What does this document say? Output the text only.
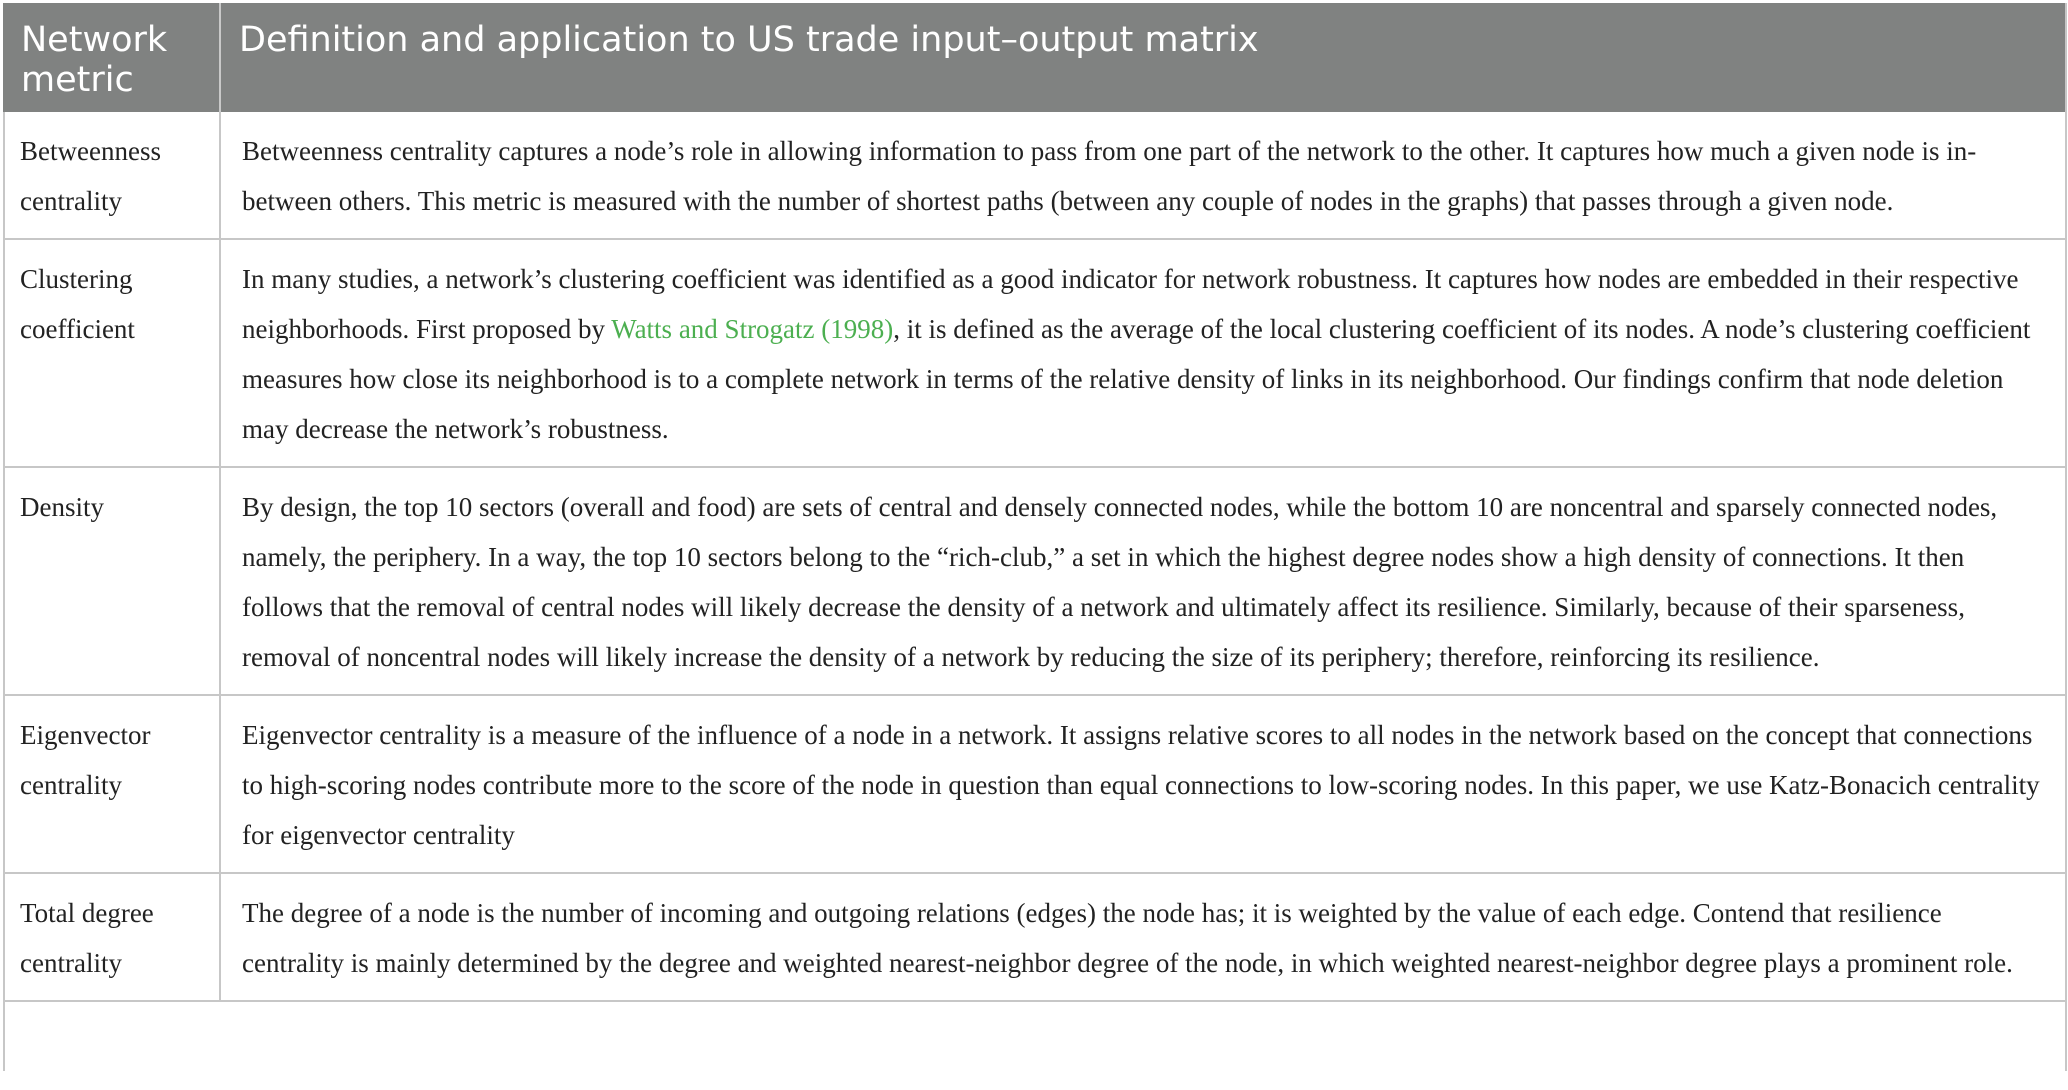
Network metric	Definition and application to US trade input–output matrix
Betweenness centrality	Betweenness centrality captures a node’s role in allowing information to pass from one part of the network to the other. It captures how much a given node is in-between others. This metric is measured with the number of shortest paths (between any couple of nodes in the graphs) that passes through a given node.
Clustering coefficient	In many studies, a network’s clustering coefficient was identified as a good indicator for network robustness. It captures how nodes are embedded in their respective neighborhoods. First proposed by Watts and Strogatz (1998), it is defined as the average of the local clustering coefficient of its nodes. A node’s clustering coefficient measures how close its neighborhood is to a complete network in terms of the relative density of links in its neighborhood. Our findings confirm that node deletion may decrease the network’s robustness.
Density	By design, the top 10 sectors (overall and food) are sets of central and densely connected nodes, while the bottom 10 are noncentral and sparsely connected nodes, namely, the periphery. In a way, the top 10 sectors belong to the “rich-club,” a set in which the highest degree nodes show a high density of connections. It then follows that the removal of central nodes will likely decrease the density of a network and ultimately affect its resilience. Similarly, because of their sparseness, removal of noncentral nodes will likely increase the density of a network by reducing the size of its periphery; therefore, reinforcing its resilience.
Eigenvector centrality	Eigenvector centrality is a measure of the influence of a node in a network. It assigns relative scores to all nodes in the network based on the concept that connections to high-scoring nodes contribute more to the score of the node in question than equal connections to low-scoring nodes. In this paper, we use Katz-Bonacich centrality for eigenvector centrality
Total degree centrality	The degree of a node is the number of incoming and outgoing relations (edges) the node has; it is weighted by the value of each edge. Contend that resilience centrality is mainly determined by the degree and weighted nearest-neighbor degree of the node, in which weighted nearest-neighbor degree plays a prominent role.
